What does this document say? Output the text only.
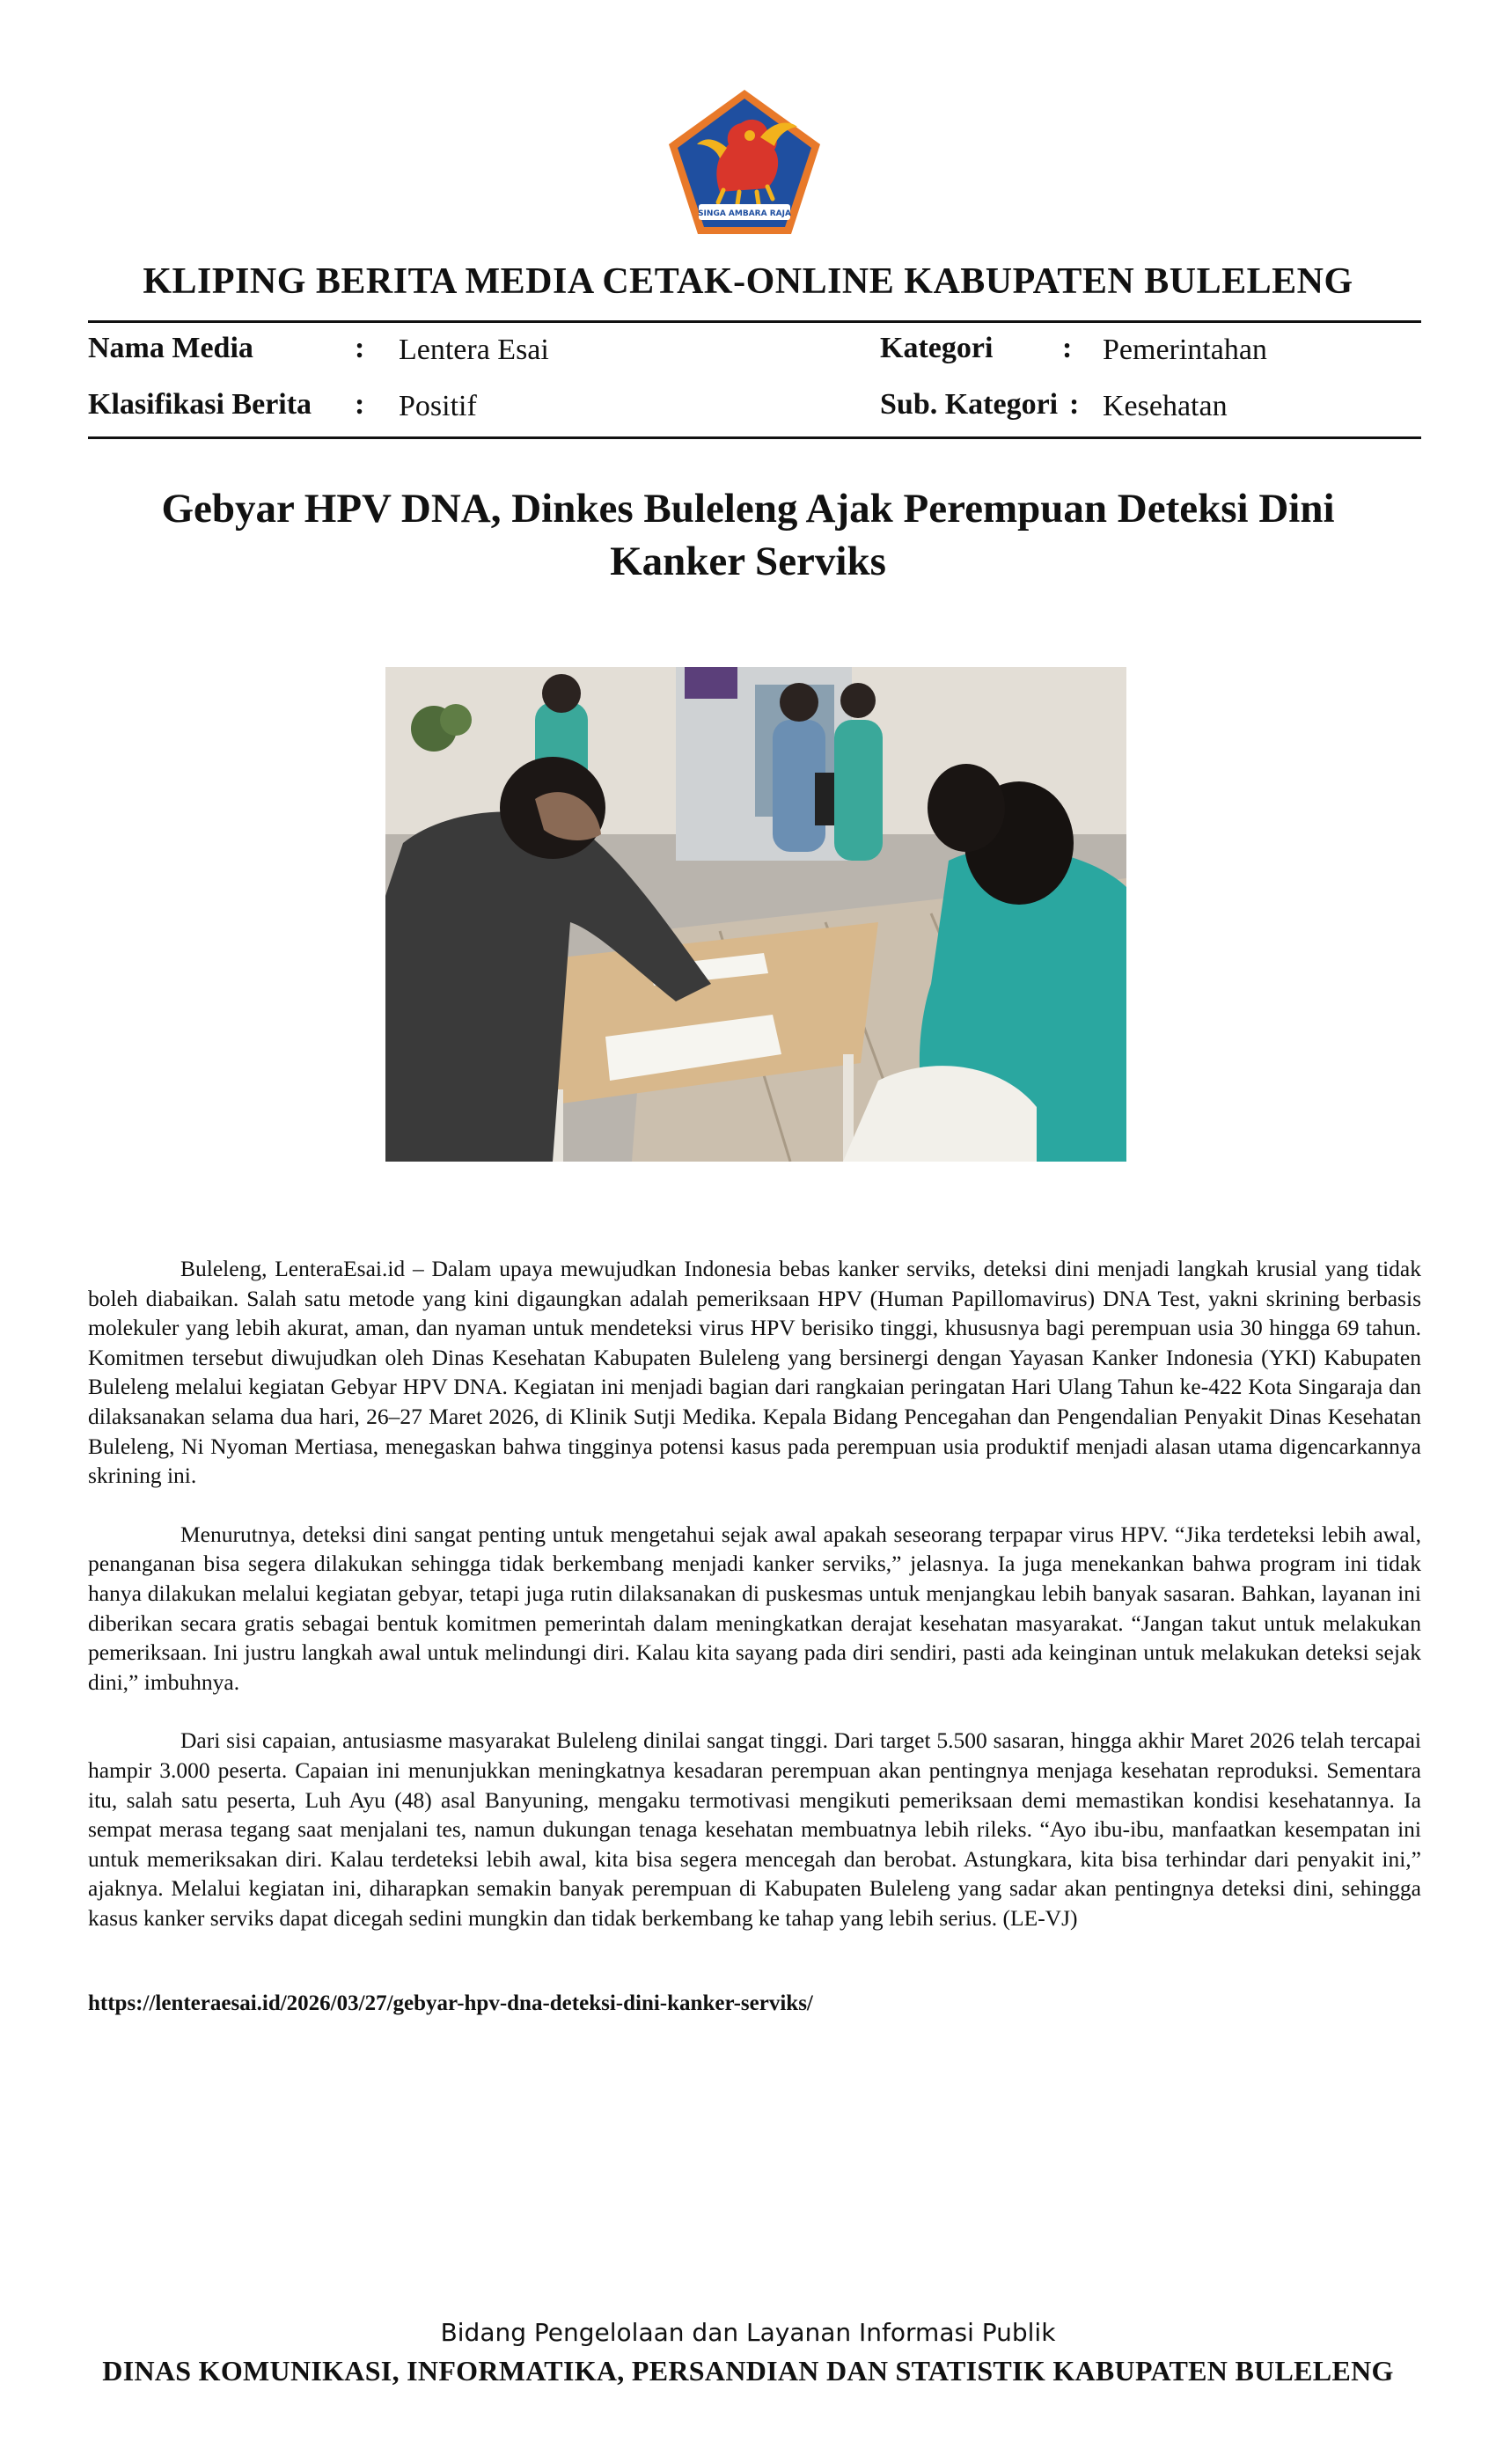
SINGA AMBARA RAJA
KLIPING BERITA MEDIA CETAK-ONLINE KABUPATEN BULELENG
Nama Media	: Lentera Esai
Klasifikasi Berita : Positif
Kategori : Pemerintahan
Sub. Kategori : Kesehatan
Gebyar HPV DNA, Dinkes Buleleng Ajak Perempuan Deteksi Dini Kanker Serviks

Buleleng, LenteraEsai.id – Dalam upaya mewujudkan Indonesia bebas kanker serviks, deteksi dini menjadi langkah krusial yang tidak boleh diabaikan. Salah satu metode yang kini digaungkan adalah pemeriksaan HPV (Human Papillomavirus) DNA Test, yakni skrining berbasis molekuler yang lebih akurat, aman, dan nyaman untuk mendeteksi virus HPV berisiko tinggi, khususnya bagi perempuan usia 30 hingga 69 tahun. Komitmen tersebut diwujudkan oleh Dinas Kesehatan Kabupaten Buleleng yang bersinergi dengan Yayasan Kanker Indonesia (YKI) Kabupaten Buleleng melalui kegiatan Gebyar HPV DNA. Kegiatan ini menjadi bagian dari rangkaian peringatan Hari Ulang Tahun ke-422 Kota Singaraja dan dilaksanakan selama dua hari, 26–27 Maret 2026, di Klinik Sutji Medika. Kepala Bidang Pencegahan dan Pengendalian Penyakit Dinas Kesehatan Buleleng, Ni Nyoman Mertiasa, menegaskan bahwa tingginya potensi kasus pada perempuan usia produktif menjadi alasan utama digencarkannya skrining ini.

Menurutnya, deteksi dini sangat penting untuk mengetahui sejak awal apakah seseorang terpapar virus HPV. “Jika terdeteksi lebih awal, penanganan bisa segera dilakukan sehingga tidak berkembang menjadi kanker serviks,” jelasnya. Ia juga menekankan bahwa program ini tidak hanya dilakukan melalui kegiatan gebyar, tetapi juga rutin dilaksanakan di puskesmas untuk menjangkau lebih banyak sasaran. Bahkan, layanan ini diberikan secara gratis sebagai bentuk komitmen pemerintah dalam meningkatkan derajat kesehatan masyarakat. “Jangan takut untuk melakukan pemeriksaan. Ini justru langkah awal untuk melindungi diri. Kalau kita sayang pada diri sendiri, pasti ada keinginan untuk melakukan deteksi sejak dini,” imbuhnya.

Dari sisi capaian, antusiasme masyarakat Buleleng dinilai sangat tinggi. Dari target 5.500 sasaran, hingga akhir Maret 2026 telah tercapai hampir 3.000 peserta. Capaian ini menunjukkan meningkatnya kesadaran perempuan akan pentingnya menjaga kesehatan reproduksi. Sementara itu, salah satu peserta, Luh Ayu (48) asal Banyuning, mengaku termotivasi mengikuti pemeriksaan demi memastikan kondisi kesehatannya. Ia sempat merasa tegang saat menjalani tes, namun dukungan tenaga kesehatan membuatnya lebih rileks. “Ayo ibu-ibu, manfaatkan kesempatan ini untuk memeriksakan diri. Kalau terdeteksi lebih awal, kita bisa segera mencegah dan berobat. Astungkara, kita bisa terhindar dari penyakit ini,” ajaknya. Melalui kegiatan ini, diharapkan semakin banyak perempuan di Kabupaten Buleleng yang sadar akan pentingnya deteksi dini, sehingga kasus kanker serviks dapat dicegah sedini mungkin dan tidak berkembang ke tahap yang lebih serius. (LE-VJ)

https://lenteraesai.id/2026/03/27/gebyar-hpv-dna-deteksi-dini-kanker-serviks/
Bidang Pengelolaan dan Layanan Informasi Publik
DINAS KOMUNIKASI, INFORMATIKA, PERSANDIAN DAN STATISTIK KABUPATEN BULELENG
